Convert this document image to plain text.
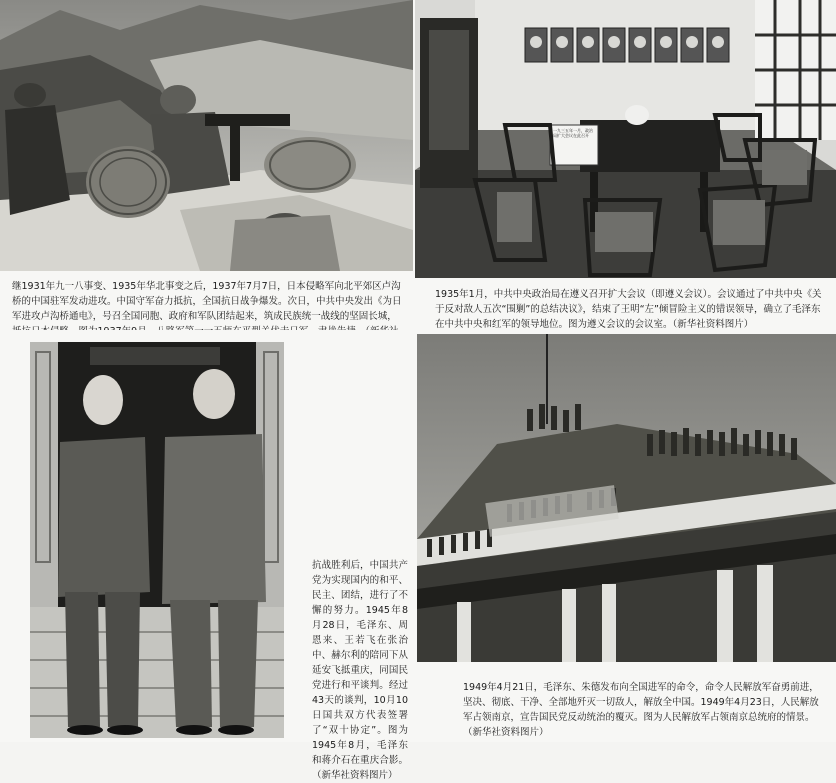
继1931年九一八事变、1935年华北事变之后，1937年7月7日，日本侵略军向北平郊区卢沟桥的中国驻军发动进攻。中国守军奋力抵抗，全国抗日战争爆发。次日，中共中央发出《为日军进攻卢沟桥通电》，号召全国同胞、政府和军队团结起来，筑成民族统一战线的坚固长城，

一九三五年一月，政治局扩大会议在此召开

1935年1月，中共中央政治局在遵义召开扩大会议（即遵义会议）。会议通过了中共中央《关于反对敌人五次“围剿”的总结决议》，结束了王明“左”倾冒险主义的错误领导，确立了毛泽东在中共中央和红军的领导地位。图为遵义会议的会议室。（新华社资料图片）

抗战胜利后，中国共产党为实现国内的和平、民主、团结，进行了不懈的努力。1945年8月28日，毛泽东、周恩来、王若飞在张治中、赫尔利的陪同下从延安飞抵重庆，同国民党进行和平谈判。经过43天的谈判，10月10日国共双方代表签署了“双十协定”。图为1945年8月，毛泽东和蒋介石在重庆合影。（新华社资料图片）

1949年4月21日，毛泽东、朱德发布向全国进军的命令，命令人民解放军奋勇前进，坚决、彻底、干净、全部地歼灭一切敌人，解放全中国。1949年4月23日，人民解放军占领南京，宣告国民党反动统治的覆灭。图为人民解放军占领南京总统府的情景。（新华社资料图片）
